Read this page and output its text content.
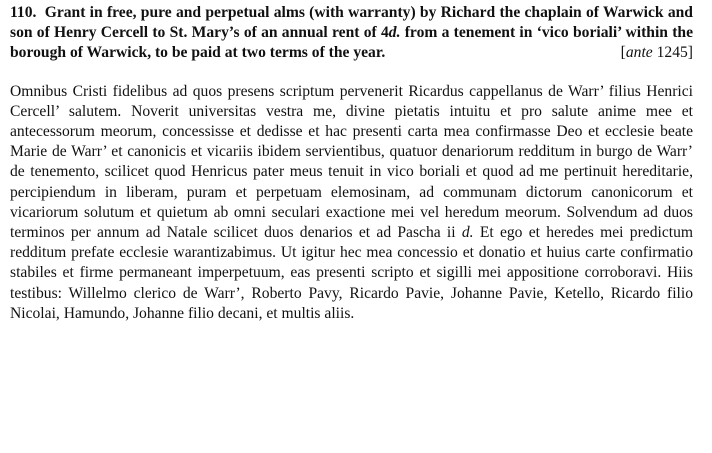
110. Grant in free, pure and perpetual alms (with warranty) by Richard the chaplain of Warwick and son of Henry Cercell to St. Mary’s of an annual rent of 4d. from a tenement in ‘vico boriali’ within the borough of Warwick, to be paid at two terms of the year.	[ante 1245]

Omnibus Cristi fidelibus ad quos presens scriptum pervenerit Ricardus cappellanus de Warr’ filius Henrici Cercell’ salutem. Noverit universitas vestra me, divine pietatis intuitu et pro salute anime mee et antecessorum meorum, concessisse et dedisse et hac presenti carta mea confirmasse Deo et ecclesie beate Marie de Warr’ et canonicis et vicariis ibidem servientibus, quatuor denariorum redditum in burgo de Warr’ de tenemento, scilicet quod Henricus pater meus tenuit in vico boriali et quod ad me pertinuit hereditarie, percipiendum in liberam, puram et perpetuam elemosinam, ad communam dictorum canonicorum et vicariorum solutum et quietum ab omni seculari exactione mei vel heredum meorum. Solvendum ad duos terminos per annum ad Natale scilicet duos denarios et ad Pascha ii d. Et ego et heredes mei predictum redditum prefate ecclesie warantizabimus. Ut igitur hec mea concessio et donatio et huius carte confirmatio stabiles et firme permaneant imperpetuum, eas presenti scripto et sigilli mei appositione corroboravi. Hiis testibus: Willelmo clerico de Warr’, Roberto Pavy, Ricardo Pavie, Johanne Pavie, Ketello, Ricardo filio Nicolai, Hamundo, Johanne filio decani, et multis aliis.
